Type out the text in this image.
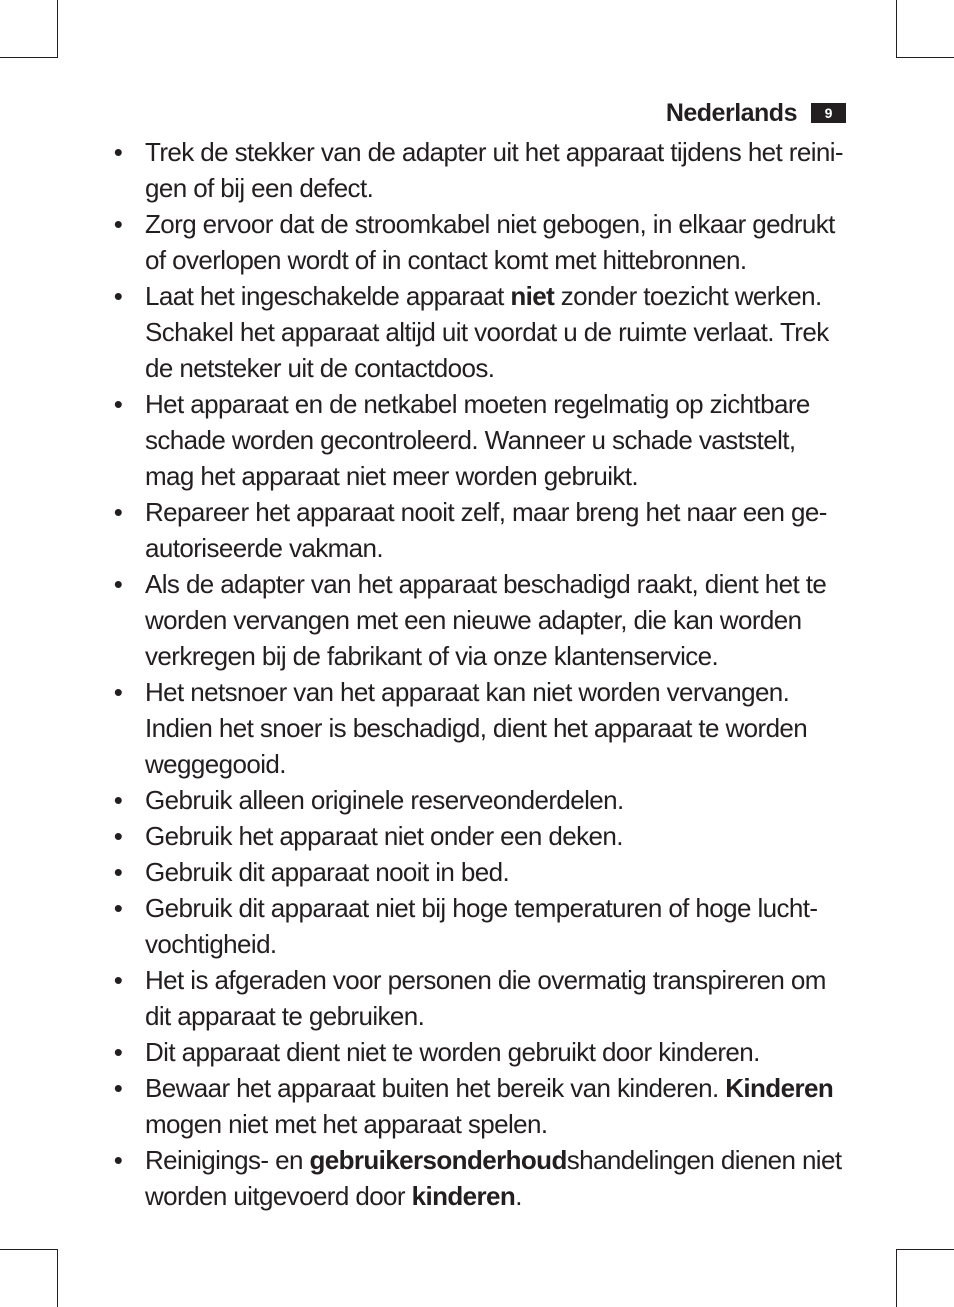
Nederlands	9
• Trek de stekker van de adapter uit het apparaat tijdens het reini-
gen of bij een defect.
• Zorg ervoor dat de stroomkabel niet gebogen, in elkaar gedrukt
of overlopen wordt of in contact komt met hittebronnen.
• Laat het ingeschakelde apparaat niet zonder toezicht werken.
Schakel het apparaat altijd uit voordat u de ruimte verlaat. Trek
de netsteker uit de contactdoos.
• Het apparaat en de netkabel moeten regelmatig op zichtbare
schade worden gecontroleerd. Wanneer u schade vaststelt,
mag het apparaat niet meer worden gebruikt.
• Repareer het apparaat nooit zelf, maar breng het naar een ge-
autoriseerde vakman.
• Als de adapter van het apparaat beschadigd raakt, dient het te
worden vervangen met een nieuwe adapter, die kan worden
verkregen bij de fabrikant of via onze klantenservice.
• Het netsnoer van het apparaat kan niet worden vervangen.
Indien het snoer is beschadigd, dient het apparaat te worden
weggegooid.
• Gebruik alleen originele reserveonderdelen.
• Gebruik het apparaat niet onder een deken.
• Gebruik dit apparaat nooit in bed.
• Gebruik dit apparaat niet bij hoge temperaturen of hoge lucht-
vochtigheid.
• Het is afgeraden voor personen die overmatig transpireren om
dit apparaat te gebruiken.
• Dit apparaat dient niet te worden gebruikt door kinderen.
• Bewaar het apparaat buiten het bereik van kinderen. Kinderen
mogen niet met het apparaat spelen.
• Reinigings- en gebruikersonderhoudshandelingen dienen niet
worden uitgevoerd door kinderen.
